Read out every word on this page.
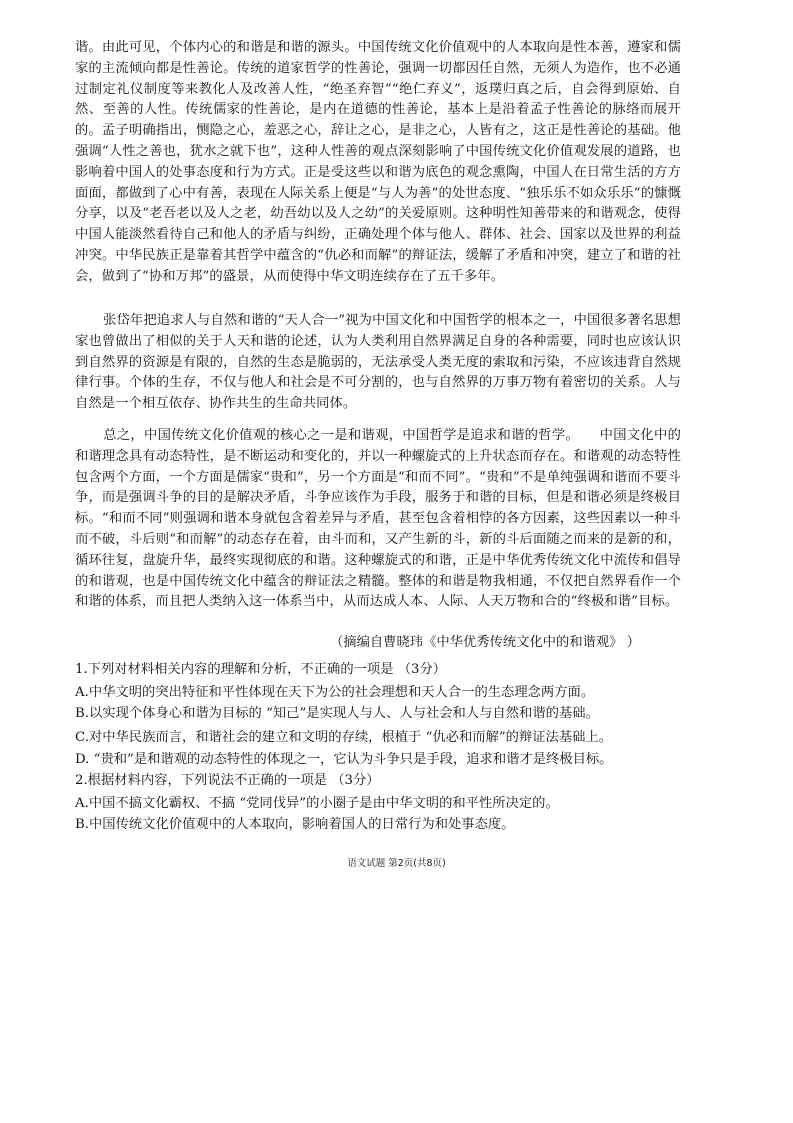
谐。由此可见，个体内心的和谐是和谐的源头。中国传统文化价值观中的人本取向是性本善，遵家和儒家的主流倾向都是性善论。传统的道家哲学的性善论，强调一切都因任自然，无须人为造作，也不必通过制定礼仪制度等来教化人及改善人性，“绝圣弃智”“绝仁弃义”，返璞归真之后，自会得到原始、自然、至善的人性。传统儒家的性善论，是内在道德的性善论，基本上是沿着孟子性善论的脉络而展开的。孟子明确指出，恻隐之心，羞恶之心，辞让之心，是非之心，人皆有之，这正是性善论的基础。他强调“人性之善也，犹水之就下也”，这种人性善的观点深刻影响了中国传统文化价值观发展的道路，也影响着中国人的处事态度和行为方式。正是受这些以和谐为底色的观念熏陶，中国人在日常生活的方方面面，都做到了心中有善，表现在人际关系上便是“与人为善”的处世态度、“独乐乐不如众乐乐”的慷慨分享，以及“老吾老以及人之老，幼吾幼以及人之幼”的关爱原则。这种明性知善带来的和谐观念，使得中国人能淡然看待自己和他人的矛盾与纠纷，正确处理个体与他人、群体、社会、国家以及世界的利益冲突。中华民族正是靠着其哲学中蕴含的“仇必和而解”的辩证法，缓解了矛盾和冲突，建立了和谐的社会，做到了“协和万邦”的盛景，从而使得中华文明连续存在了五千多年。

张岱年把追求人与自然和谐的“天人合一”视为中国文化和中国哲学的根本之一，中国很多著名思想家也曾做出了相似的关于人天和谐的论述，认为人类利用自然界满足自身的各种需要，同时也应该认识到自然界的资源是有限的，自然的生态是脆弱的，无法承受人类无度的索取和污染，不应该违背自然规律行事。个体的生存，不仅与他人和社会是不可分割的，也与自然界的万事万物有着密切的关系。人与自然是一个相互依存、协作共生的生命共同体。

总之，中国传统文化价值观的核心之一是和谐观，中国哲学是追求和谐的哲学。　　中国文化中的和谐理念具有动态特性，是不断运动和变化的，并以一种螺旋式的上升状态而存在。和谐观的动态特性包含两个方面，一个方面是儒家“贵和”，另一个方面是“和而不同”。“贵和”不是单纯强调和谐而不要斗争，而是强调斗争的目的是解决矛盾，斗争应该作为手段，服务于和谐的目标，但是和谐必须是终极目标。“和而不同”则强调和谐本身就包含着差异与矛盾，甚至包含着相悖的各方因素，这些因素以一种斗而不破，斗后则“和而解”的动态存在着，由斗而和，又产生新的斗，新的斗后面随之而来的是新的和，循环往复，盘旋升华，最终实现彻底的和谐。这种螺旋式的和谐，正是中华优秀传统文化中流传和倡导的和谐观，也是中国传统文化中蕴含的辩证法之精髓。整体的和谐是物我相通，不仅把自然界看作一个和谐的体系，而且把人类纳入这一体系当中，从而达成人本、人际、人天万物和合的“终极和谐”目标。

（摘编自曹晓玮《中华优秀传统文化中的和谐观》 ）

1.下列对材料相关内容的理解和分析，不正确的一项是 （3分）

A.中华文明的突出特征和平性体现在天下为公的社会理想和天人合一的生态理念两方面。

B.以实现个体身心和谐为目标的 “知己”是实现人与人、人与社会和人与自然和谐的基础。

C.对中华民族而言，和谐社会的建立和文明的存续，根植于 “仇必和而解”的辩证法基础上。

D. “贵和”是和谐观的动态特性的体现之一，它认为斗争只是手段，追求和谐才是终极目标。

2.根据材料内容，下列说法不正确的一项是 （3分）

A.中国不搞文化霸权、不搞 “党同伐异”的小圈子是由中华文明的和平性所决定的。

B.中国传统文化价值观中的人本取向，影响着国人的日常行为和处事态度。

语文试题 第2页(共8页)
